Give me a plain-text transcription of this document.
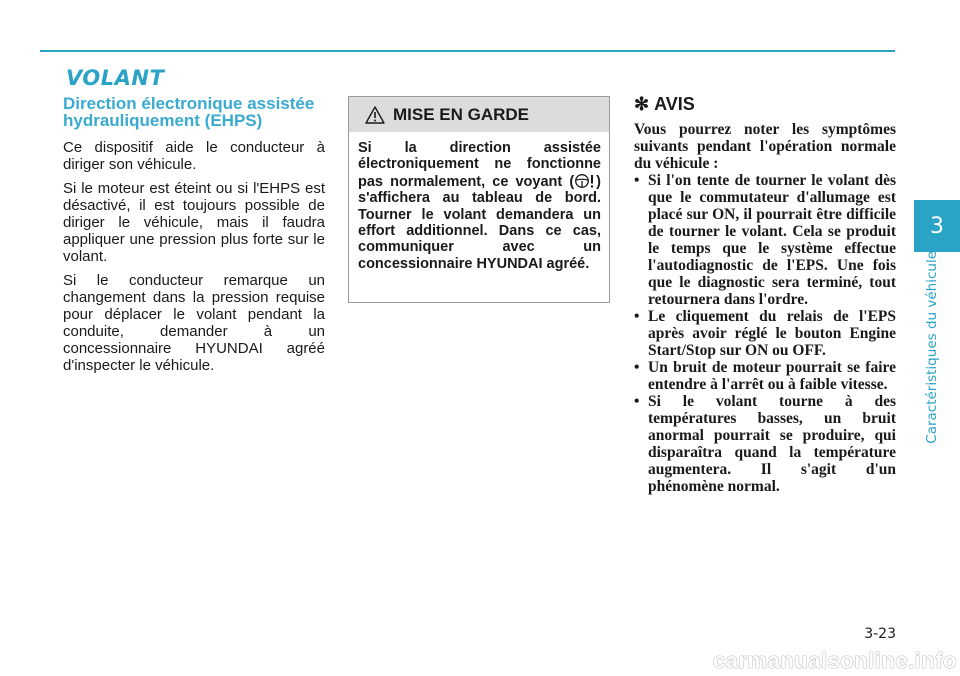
VOLANT
Direction électronique assistée hydrauliquement (EHPS)

Ce dispositif aide le conducteur à diriger son véhicule.

Si le moteur est éteint ou si l'EHPS est désactivé, il est toujours possible de diriger le véhicule, mais il faudra appliquer une pression plus forte sur le volant.

Si le conducteur remarque un changement dans la pression requise pour déplacer le volant pendant la conduite, demander à un concessionnaire HYUNDAI agréé d'inspecter le véhicule.

MISE EN GARDE
Si la direction assistée électroniquement ne fonctionne pas normalement, ce voyant ( ) s'affichera au tableau de bord. Tourner le volant demandera un effort additionnel. Dans ce cas, communiquer avec un concessionnaire HYUNDAI agréé.
✻ AVIS

Vous pourrez noter les symptômes suivants pendant l'opération normale du véhicule :

• Si l'on tente de tourner le volant dès que le commutateur d'allumage est placé sur ON, il pourrait être difficile de tourner le volant. Cela se produit le temps que le système effectue l'autodiagnostic de l'EPS. Une fois que le diagnostic sera terminé, tout retournera dans l'ordre.
• Le cliquement du relais de l'EPS après avoir réglé le bouton Engine Start/Stop sur ON ou OFF.
• Un bruit de moteur pourrait se faire entendre à l'arrêt ou à faible vitesse.
• Si le volant tourne à des températures basses, un bruit anormal pourrait se produire, qui disparaîtra quand la température augmentera. Il s'agit d'un phénomène normal.
3
Caractéristiques du véhicule
3-23
carmanualsonline.info
